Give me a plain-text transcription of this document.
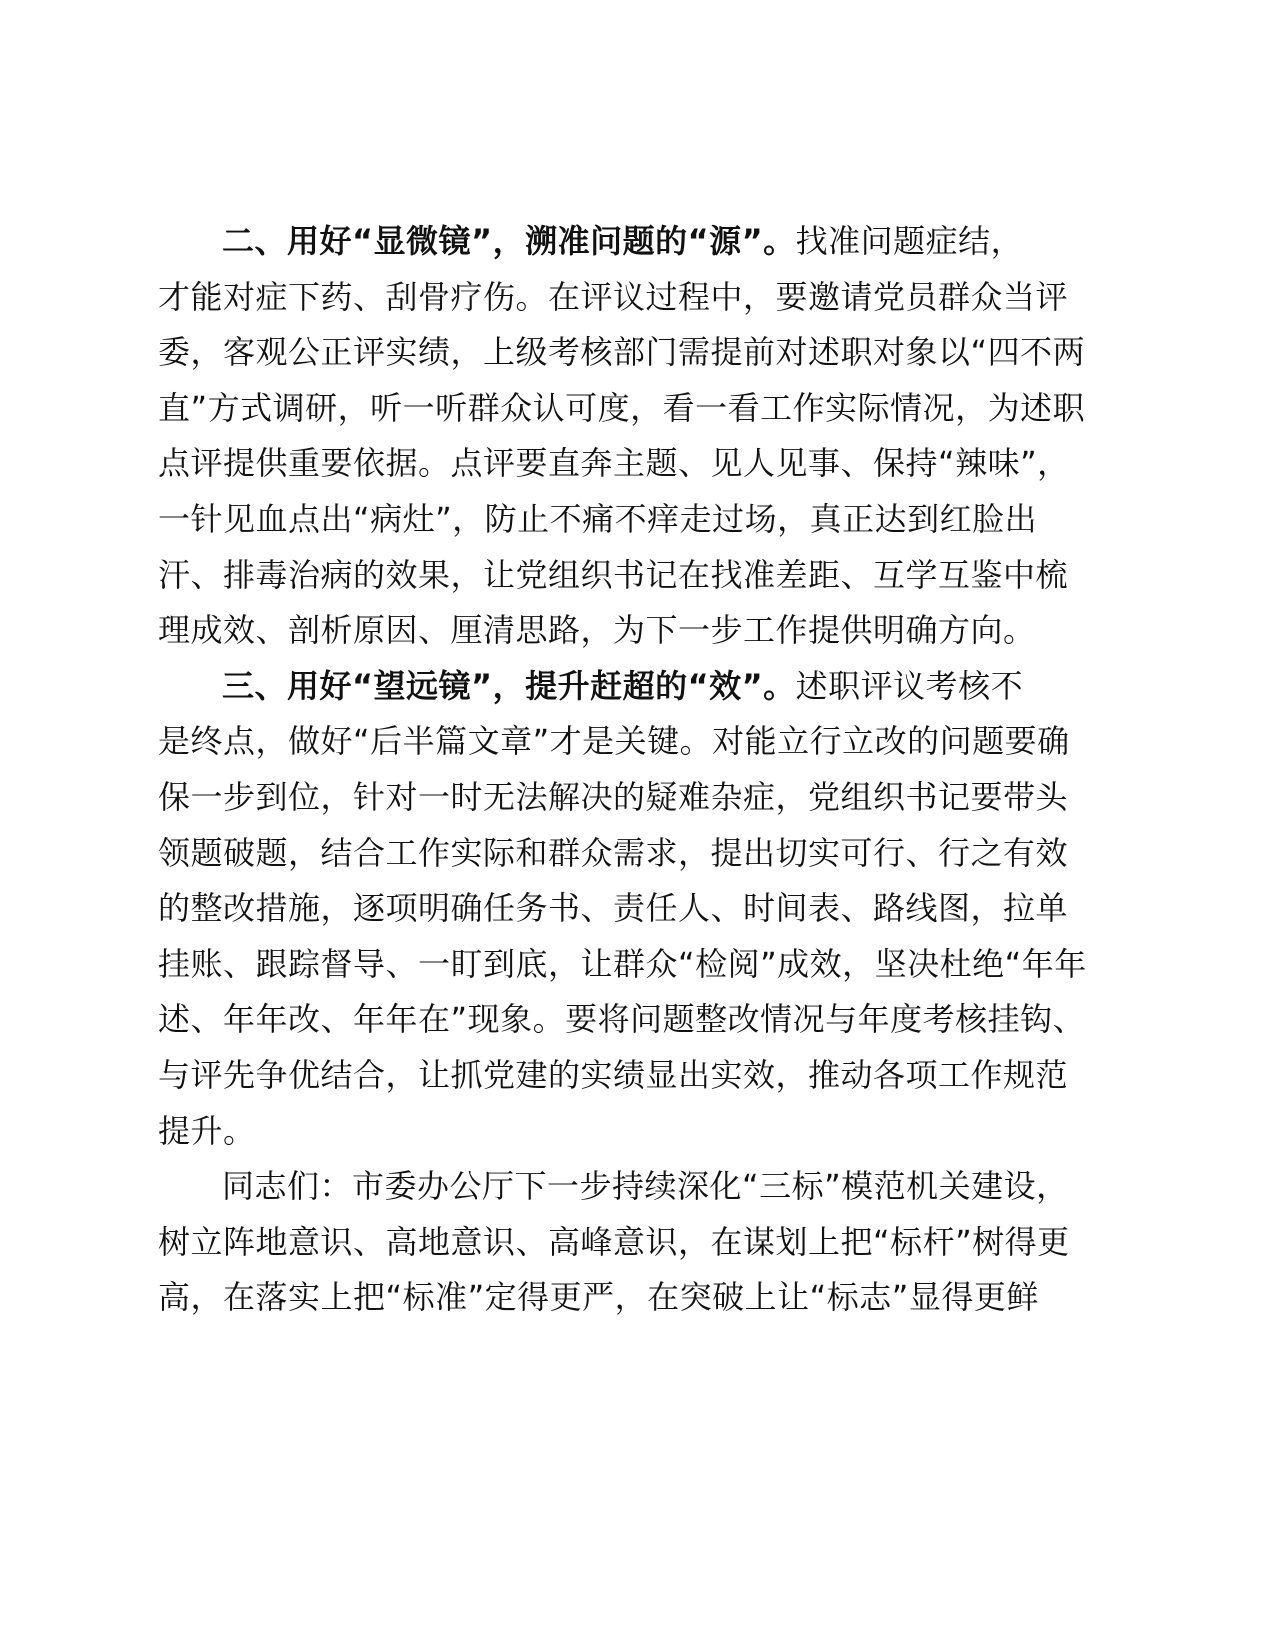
二、用好“显微镜”，溯准问题的“源”。找准问题症结，
才能对症下药、刮骨疗伤。在评议过程中，要邀请党员群众当评
委，客观公正评实绩，上级考核部门需提前对述职对象以“四不两
直”方式调研，听一听群众认可度，看一看工作实际情况，为述职
点评提供重要依据。点评要直奔主题、见人见事、保持“辣味”，
一针见血点出“病灶”，防止不痛不痒走过场，真正达到红脸出
汗、排毒治病的效果，让党组织书记在找准差距、互学互鉴中梳
理成效、剖析原因、厘清思路，为下一步工作提供明确方向。
三、用好“望远镜”，提升赶超的“效”。述职评议考核不
是终点，做好“后半篇文章”才是关键。对能立行立改的问题要确
保一步到位，针对一时无法解决的疑难杂症，党组织书记要带头
领题破题，结合工作实际和群众需求，提出切实可行、行之有效
的整改措施，逐项明确任务书、责任人、时间表、路线图，拉单
挂账、跟踪督导、一盯到底，让群众“检阅”成效，坚决杜绝“年年
述、年年改、年年在”现象。要将问题整改情况与年度考核挂钩、
与评先争优结合，让抓党建的实绩显出实效，推动各项工作规范
提升。
同志们：市委办公厅下一步持续深化“三标”模范机关建设，
树立阵地意识、高地意识、高峰意识，在谋划上把“标杆”树得更
高，在落实上把“标准”定得更严，在突破上让“标志”显得更鲜
